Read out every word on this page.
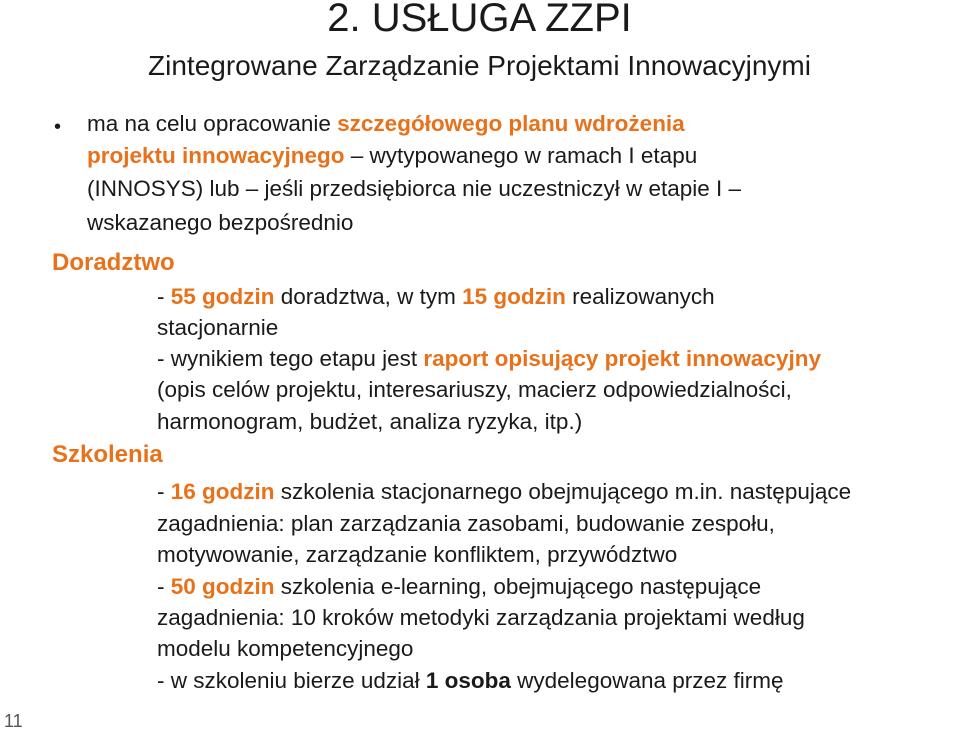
2. USŁUGA ZZPI
Zintegrowane Zarządzanie Projektami Innowacyjnymi
• ma na celu opracowanie szczegółowego planu wdrożenia
projektu innowacyjnego – wytypowanego w ramach I etapu
(INNOSYS) lub – jeśli przedsiębiorca nie uczestniczył w etapie I –
wskazanego bezpośrednio
Doradztwo
- 55 godzin doradztwa, w tym 15 godzin realizowanych
stacjonarnie
- wynikiem tego etapu jest raport opisujący projekt innowacyjny
(opis celów projektu, interesariuszy, macierz odpowiedzialności,
harmonogram, budżet, analiza ryzyka, itp.)
Szkolenia
- 16 godzin szkolenia stacjonarnego obejmującego m.in. następujące
zagadnienia: plan zarządzania zasobami, budowanie zespołu,
motywowanie, zarządzanie konfliktem, przywództwo
- 50 godzin szkolenia e-learning, obejmującego następujące
zagadnienia: 10 kroków metodyki zarządzania projektami według
modelu kompetencyjnego
- w szkoleniu bierze udział 1 osoba wydelegowana przez firmę
11
